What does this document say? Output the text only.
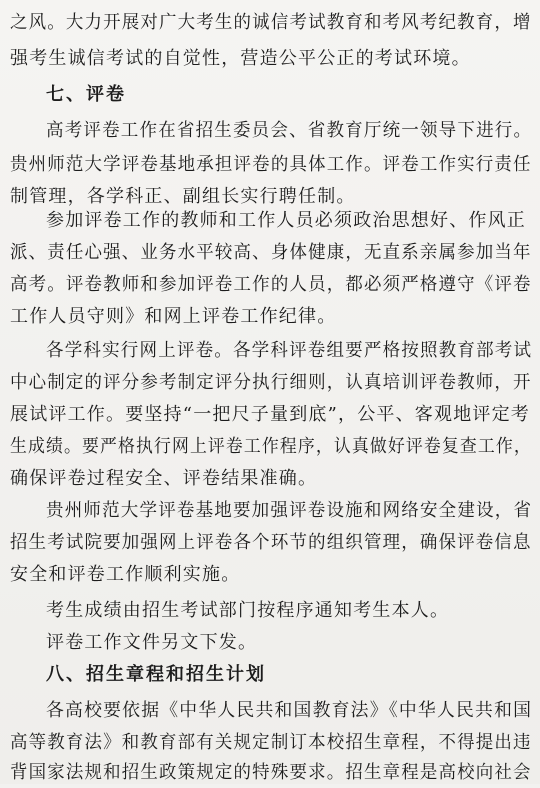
之风。大力开展对广大考生的诚信考试教育和考风考纪教育，增
强考生诚信考试的自觉性，营造公平公正的考试环境。
七、评卷
高考评卷工作在省招生委员会、省教育厅统一领导下进行。
贵州师范大学评卷基地承担评卷的具体工作。评卷工作实行责任
制管理，各学科正、副组长实行聘任制。
参加评卷工作的教师和工作人员必须政治思想好、作风正
派、责任心强、业务水平较高、身体健康，无直系亲属参加当年
高考。评卷教师和参加评卷工作的人员，都必须严格遵守《评卷
工作人员守则》和网上评卷工作纪律。
各学科实行网上评卷。各学科评卷组要严格按照教育部考试
中心制定的评分参考制定评分执行细则，认真培训评卷教师，开
展试评工作。要坚持“一把尺子量到底”，公平、客观地评定考
生成绩。要严格执行网上评卷工作程序，认真做好评卷复查工作，
确保评卷过程安全、评卷结果准确。
贵州师范大学评卷基地要加强评卷设施和网络安全建设，省
招生考试院要加强网上评卷各个环节的组织管理，确保评卷信息
安全和评卷工作顺利实施。
考生成绩由招生考试部门按程序通知考生本人。
评卷工作文件另文下发。
八、招生章程和招生计划
各高校要依据《中华人民共和国教育法》《中华人民共和国
高等教育法》和教育部有关规定制订本校招生章程，不得提出违
背国家法规和招生政策规定的特殊要求。招生章程是高校向社会
